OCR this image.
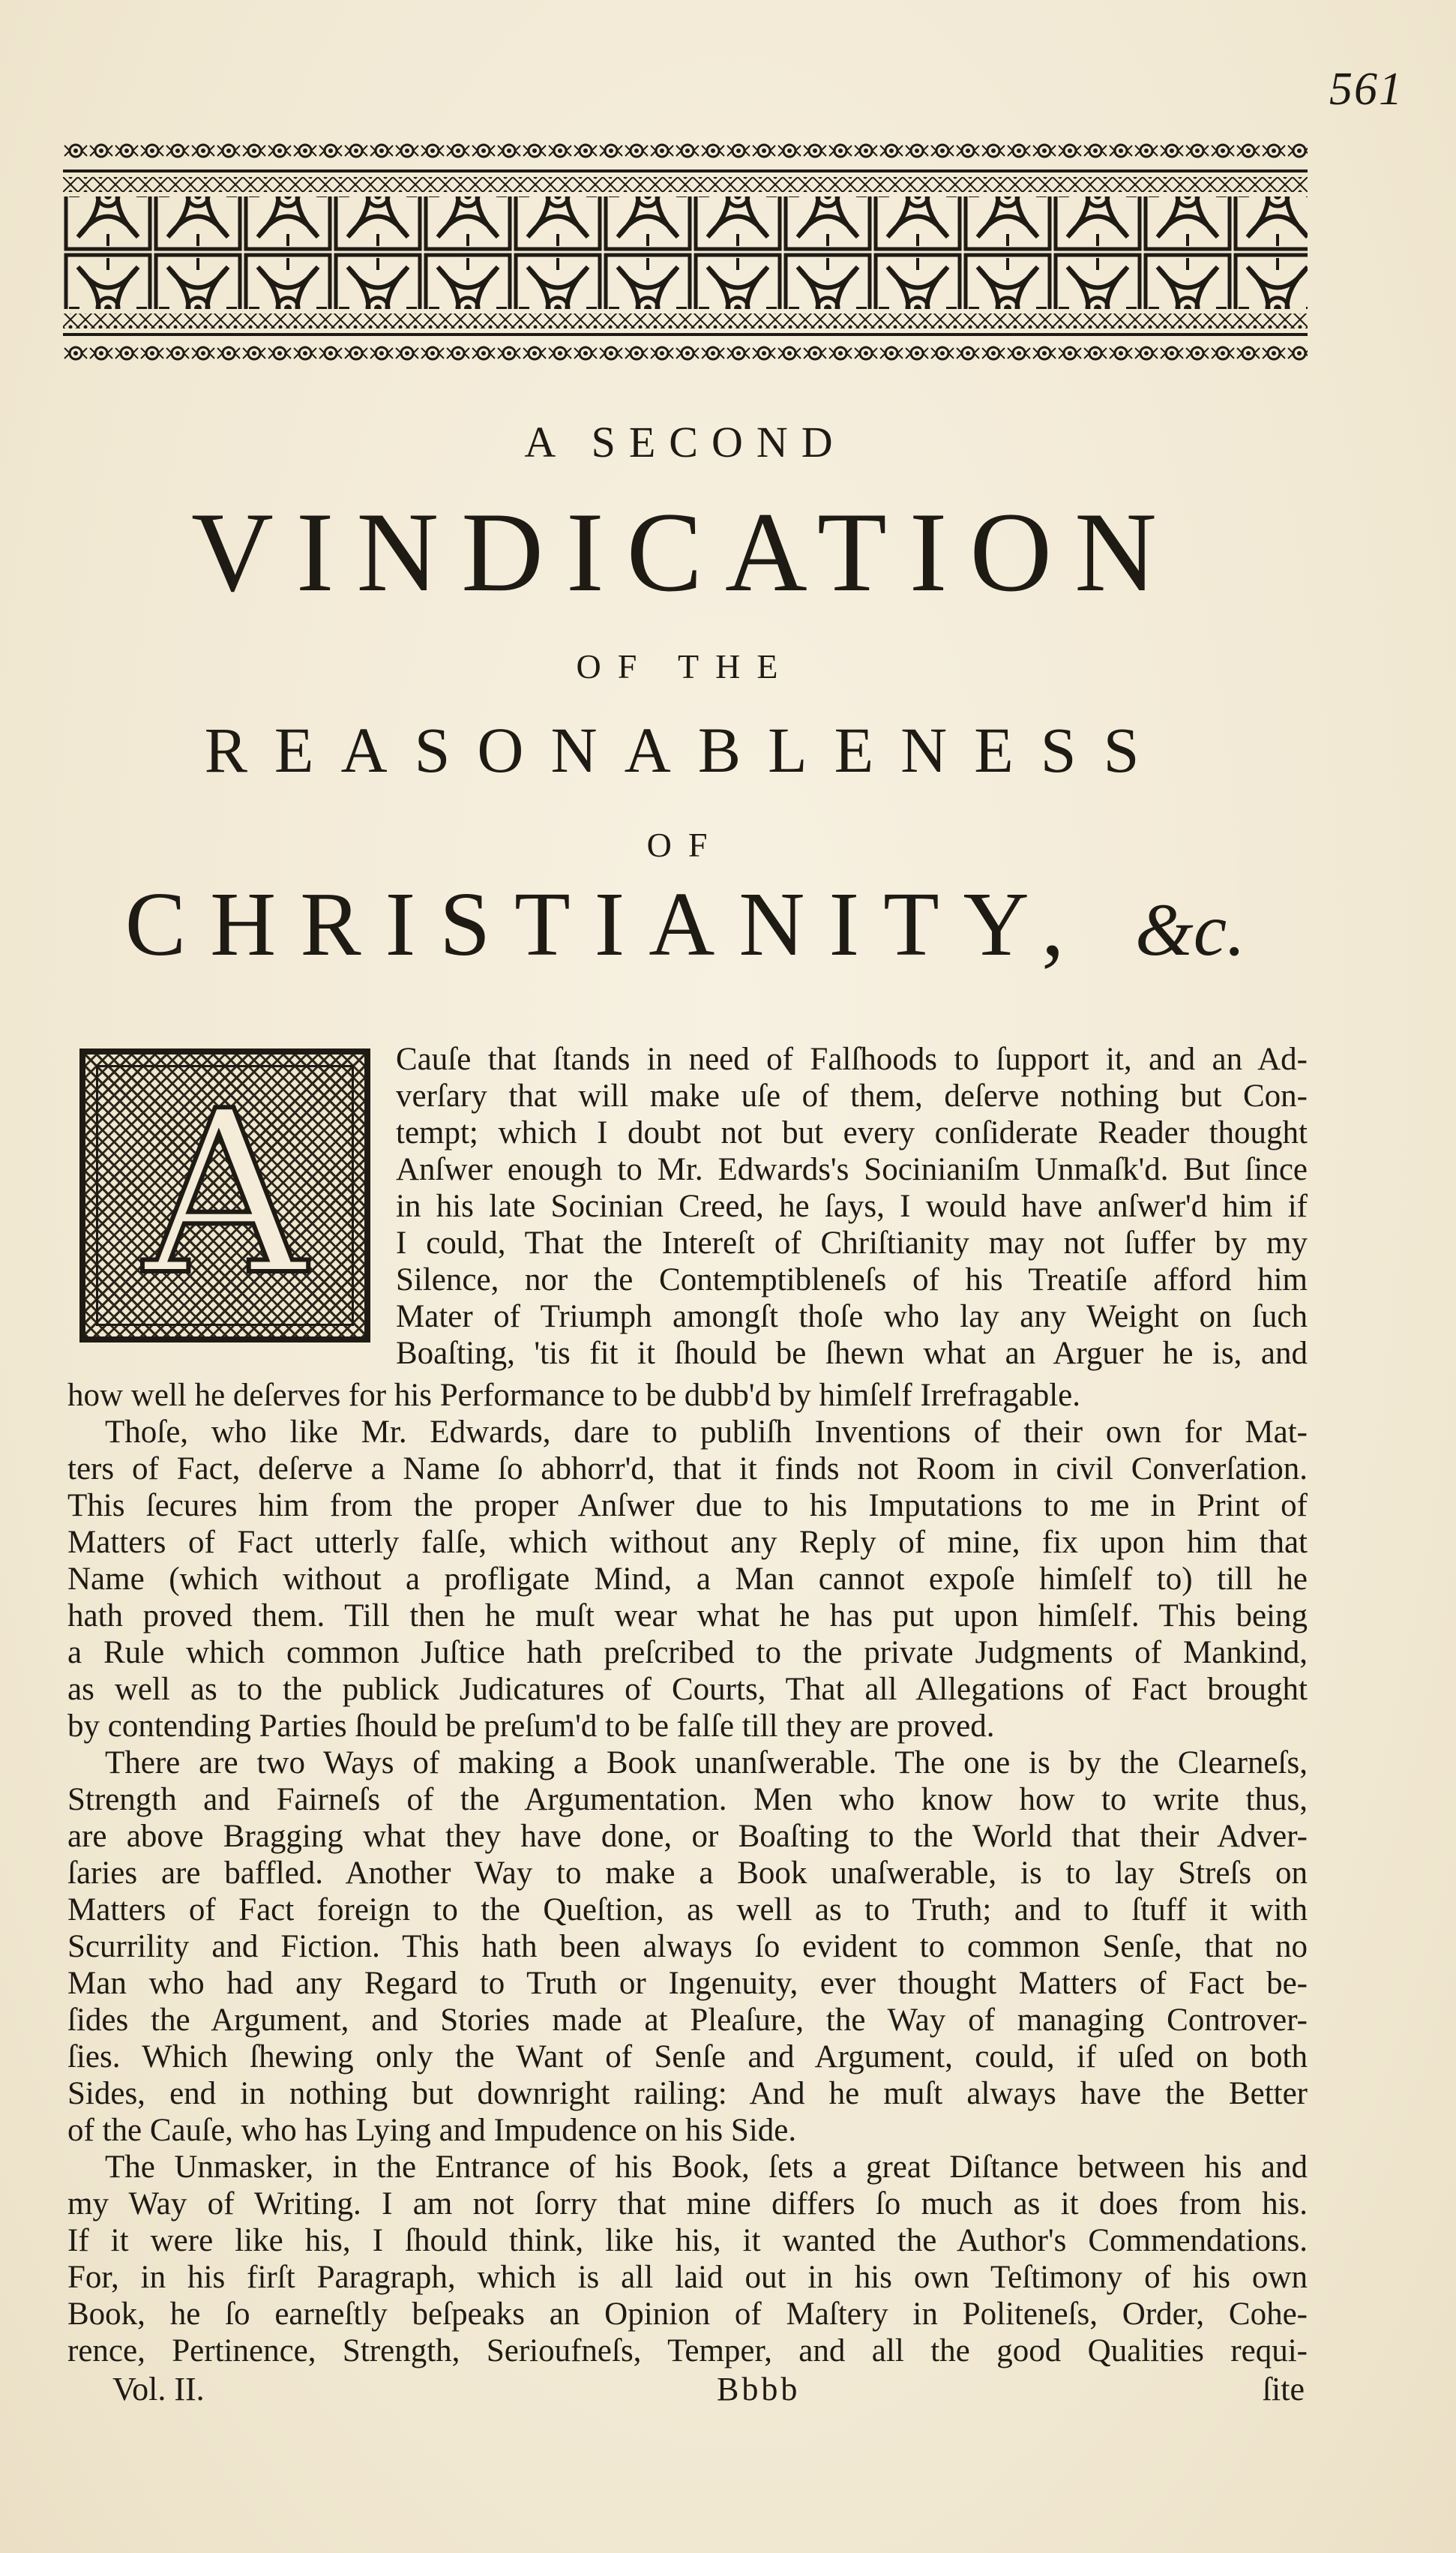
561
A SECOND
VINDICATION
OF THE
REASONABLENESS
OF
CHRISTIANITY, &c.
A
Cauſe that ſtands in need of Falſhoods to ſupport it, and an Ad-
verſary that will make uſe of them, deſerve nothing but Con-
tempt; which I doubt not but every conſiderate Reader thought
Anſwer enough to Mr. Edwards's Socinianiſm Unmaſk'd. But ſince
in his late Socinian Creed, he ſays, I would have anſwer'd him if
I could, That the Intereſt of Chriſtianity may not ſuffer by my
Silence, nor the Contemptibleneſs of his Treatiſe afford him
Mater of Triumph amongſt thoſe who lay any Weight on ſuch
Boaſting, 'tis fit it ſhould be ſhewn what an Arguer he is, and
how well he deſerves for his Performance to be dubb'd by himſelf Irrefragable.
Thoſe, who like Mr. Edwards, dare to publiſh Inventions of their own for Mat-
ters of Fact, deſerve a Name ſo abhorr'd, that it finds not Room in civil Converſation.
This ſecures him from the proper Anſwer due to his Imputations to me in Print of
Matters of Fact utterly falſe, which without any Reply of mine, fix upon him that
Name (which without a profligate Mind, a Man cannot expoſe himſelf to) till he
hath proved them. Till then he muſt wear what he has put upon himſelf. This being
a Rule which common Juſtice hath preſcribed to the private Judgments of Mankind,
as well as to the publick Judicatures of Courts, That all Allegations of Fact brought
by contending Parties ſhould be preſum'd to be falſe till they are proved.
There are two Ways of making a Book unanſwerable. The one is by the Clearneſs,
Strength and Fairneſs of the Argumentation. Men who know how to write thus,
are above Bragging what they have done, or Boaſting to the World that their Adver-
ſaries are baffled. Another Way to make a Book unaſwerable, is to lay Streſs on
Matters of Fact foreign to the Queſtion, as well as to Truth; and to ſtuff it with
Scurrility and Fiction. This hath been always ſo evident to common Senſe, that no
Man who had any Regard to Truth or Ingenuity, ever thought Matters of Fact be-
ſides the Argument, and Stories made at Pleaſure, the Way of managing Controver-
ſies. Which ſhewing only the Want of Senſe and Argument, could, if uſed on both
Sides, end in nothing but downright railing: And he muſt always have the Better
of the Cauſe, who has Lying and Impudence on his Side.
The Unmasker, in the Entrance of his Book, ſets a great Diſtance between his and
my Way of Writing. I am not ſorry that mine differs ſo much as it does from his.
If it were like his, I ſhould think, like his, it wanted the Author's Commendations.
For, in his firſt Paragraph, which is all laid out in his own Teſtimony of his own
Book, he ſo earneſtly beſpeaks an Opinion of Maſtery in Politeneſs, Order, Cohe-
rence, Pertinence, Strength, Serioufneſs, Temper, and all the good Qualities requi-
Vol. II.	Bbbb	ſite
